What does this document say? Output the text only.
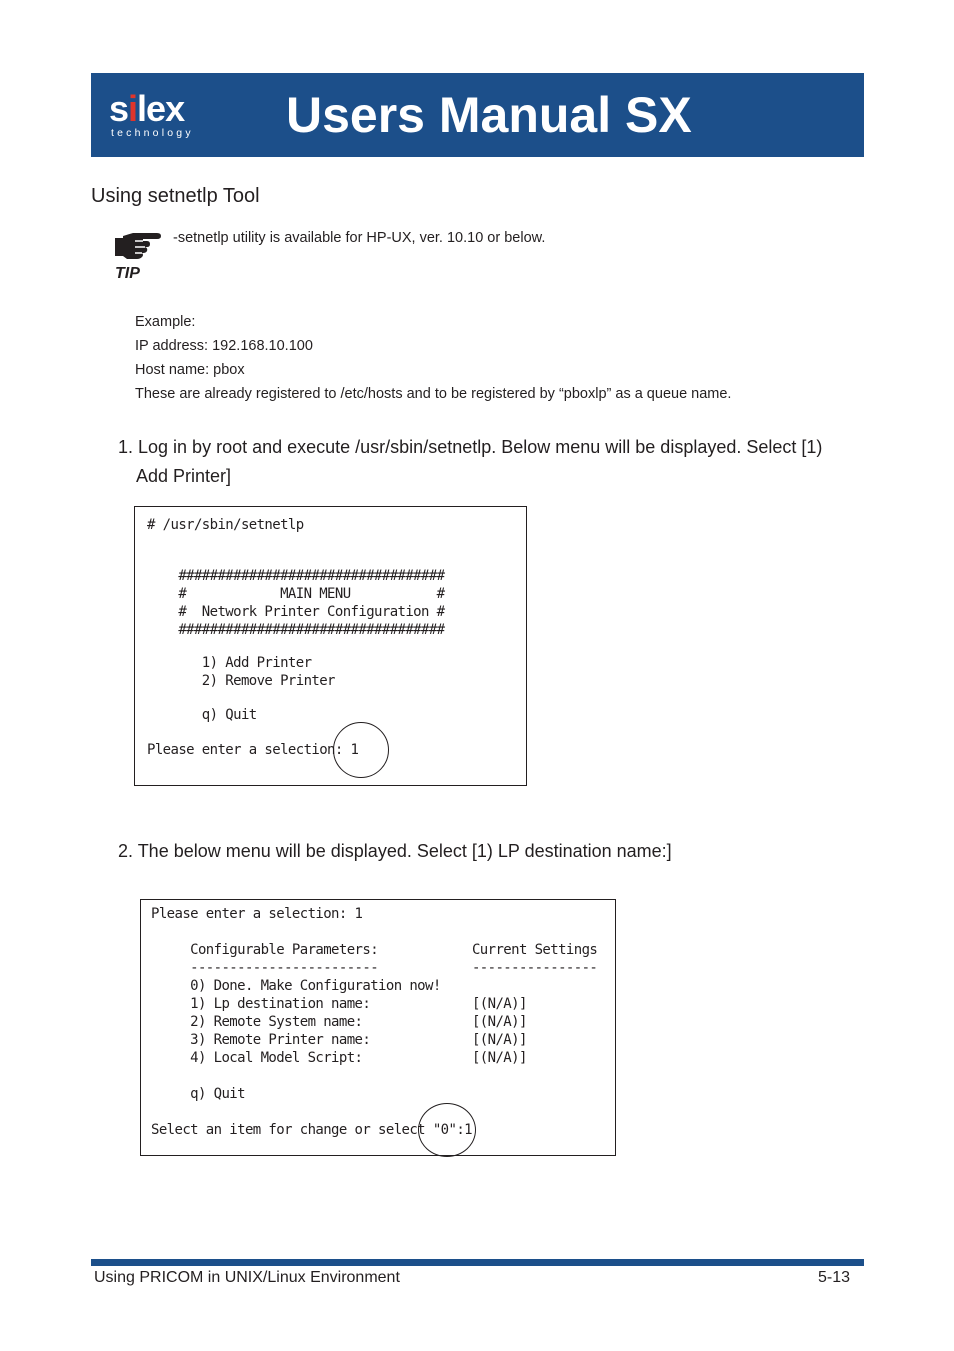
silex
technology Users Manual SX
Using setnetlp Tool
TIP
-setnetlp utility is available for HP-UX, ver. 10.10 or below.
Example:
IP address: 192.168.10.100
Host name: pbox
These are already registered to /etc/hosts and to be registered by “pboxlp” as a queue name.
1. Log in by root and execute /usr/sbin/setnetlp. Below menu will be displayed. Select [1)
Add Printer]
# /usr/sbin/setnetlp
##################################
#            MAIN MENU           #
#  Network Printer Configuration #
##################################
1) Add Printer
2) Remove Printer
q) Quit
Please enter a selection: 1
2. The below menu will be displayed. Select [1) LP destination name:]
Please enter a selection: 1
Configurable Parameters:            Current Settings
------------------------            ----------------
0) Done. Make Configuration now!
1) Lp destination name:             [(N/A)]
2) Remote System name:              [(N/A)]
3) Remote Printer name:             [(N/A)]
4) Local Model Script:              [(N/A)]
q) Quit
Select an item for change or select "0":1
Using PRICOM in UNIX/Linux Environment	5-13
